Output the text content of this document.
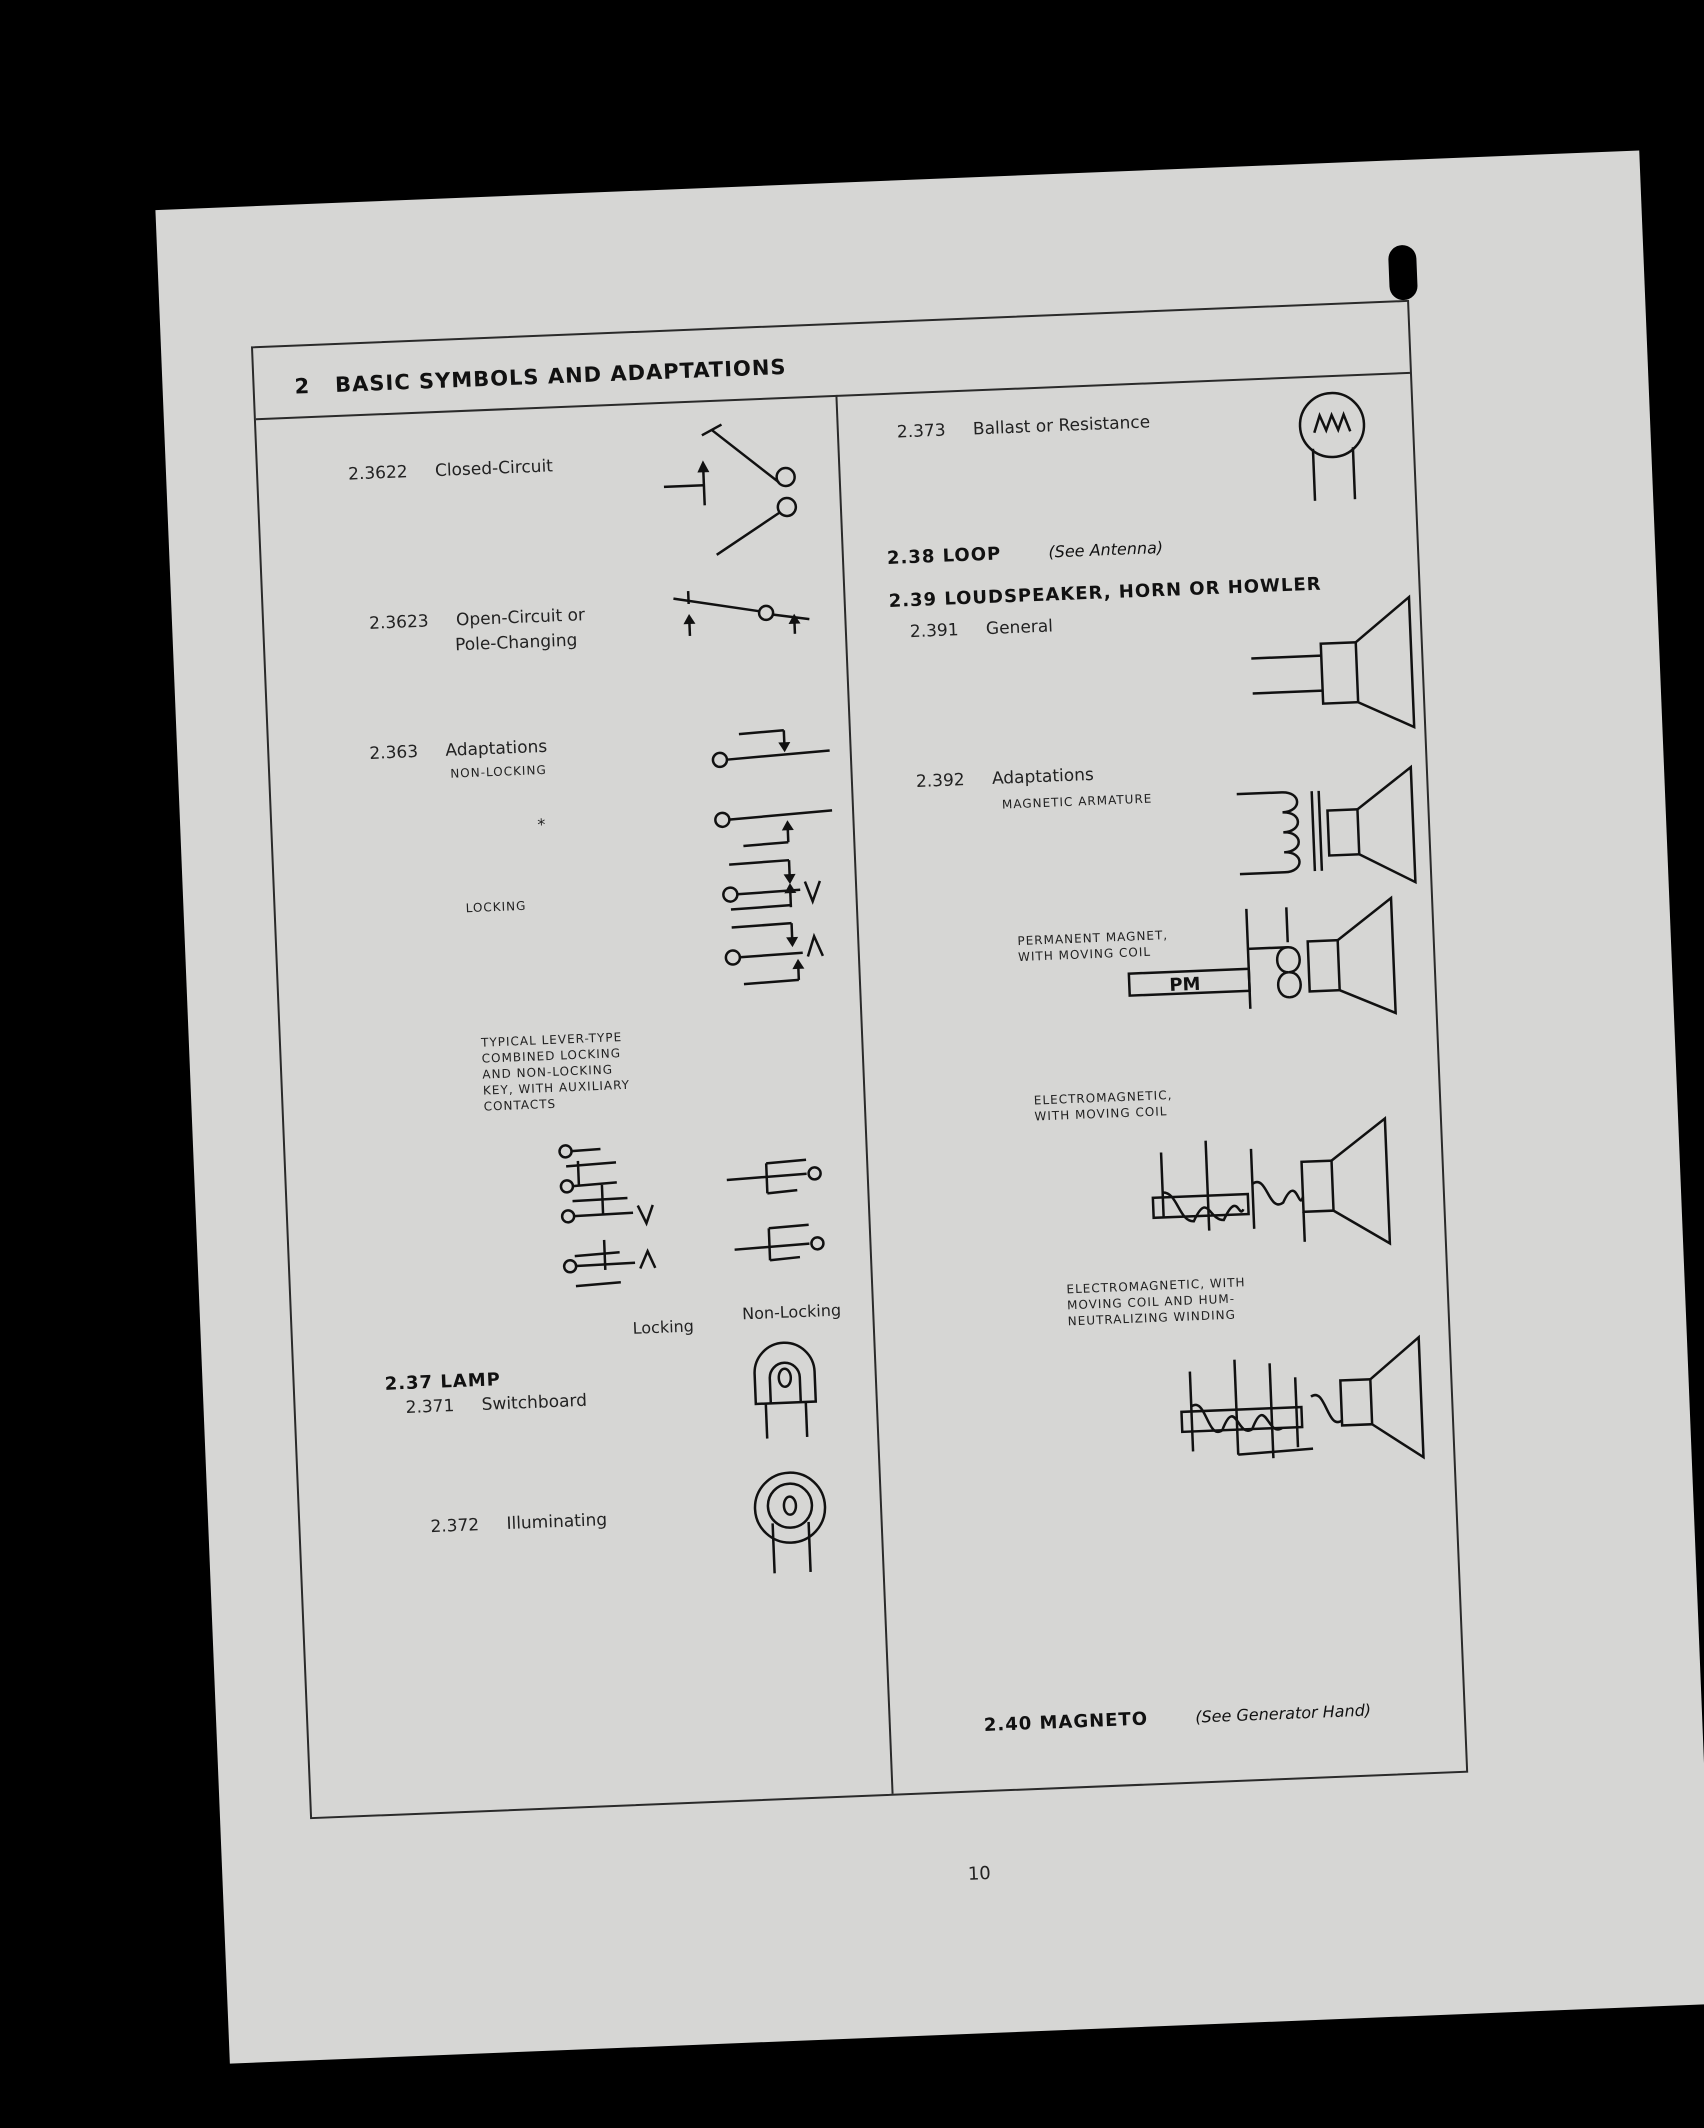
2 BASIC SYMBOLS AND ADAPTATIONS
2.3622 Closed-Circuit
2.3623 Open-Circuit or
Pole-Changing
2.363 Adaptations
NON-LOCKING
*
LOCKING
TYPICAL LEVER-TYPE
COMBINED LOCKING
AND NON-LOCKING
KEY, WITH AUXILIARY
CONTACTS
Locking
Non-Locking
2.37 LAMP
2.371 Switchboard
2.372 Illuminating
2.373 Ballast or Resistance
2.38 LOOP	(See Antenna)
2.39 LOUDSPEAKER, HORN OR HOWLER
2.391 General
2.392 Adaptations
MAGNETIC ARMATURE
PERMANENT MAGNET,
WITH MOVING COIL
PM
ELECTROMAGNETIC,
WITH MOVING COIL
ELECTROMAGNETIC, WITH
MOVING COIL AND HUM-
NEUTRALIZING WINDING
2.40 MAGNETO	(See Generator Hand)
10
